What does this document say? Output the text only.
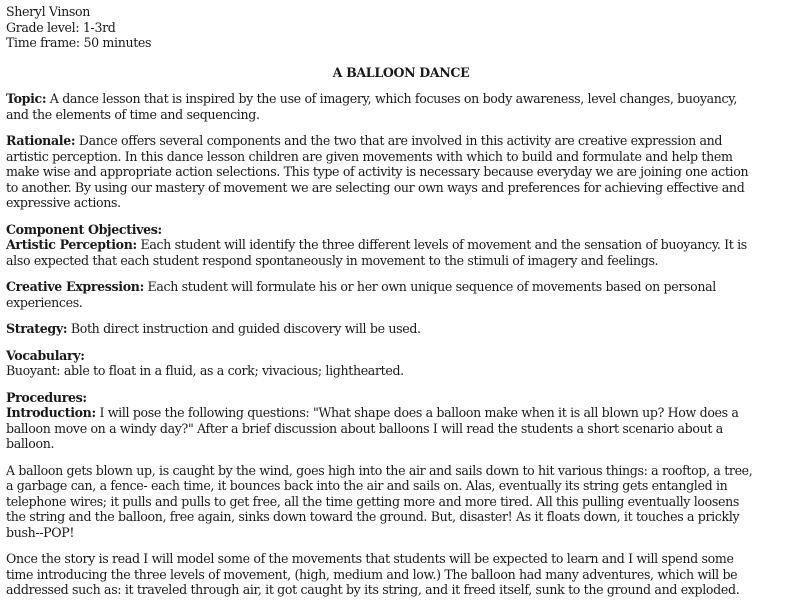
Sheryl Vinson
Grade level: 1-3rd
Time frame: 50 minutes
A BALLOON DANCE
Topic: A dance lesson that is inspired by the use of imagery, which focuses on body awareness, level changes, buoyancy,
and the elements of time and sequencing.
Rationale: Dance offers several components and the two that are involved in this activity are creative expression and
artistic perception. In this dance lesson children are given movements with which to build and formulate and help them
make wise and appropriate action selections. This type of activity is necessary because everyday we are joining one action
to another. By using our mastery of movement we are selecting our own ways and preferences for achieving effective and
expressive actions.
Component Objectives:
Artistic Perception: Each student will identify the three different levels of movement and the sensation of buoyancy. It is
also expected that each student respond spontaneously in movement to the stimuli of imagery and feelings.
Creative Expression: Each student will formulate his or her own unique sequence of movements based on personal
experiences.
Strategy: Both direct instruction and guided discovery will be used.
Vocabulary:
Buoyant: able to float in a fluid, as a cork; vivacious; lighthearted.
Procedures:
Introduction: I will pose the following questions: "What shape does a balloon make when it is all blown up? How does a
balloon move on a windy day?" After a brief discussion about balloons I will read the students a short scenario about a
balloon.
A balloon gets blown up, is caught by the wind, goes high into the air and sails down to hit various things: a rooftop, a tree,
a garbage can, a fence- each time, it bounces back into the air and sails on. Alas, eventually its string gets entangled in
telephone wires; it pulls and pulls to get free, all the time getting more and more tired. All this pulling eventually loosens
the string and the balloon, free again, sinks down toward the ground. But, disaster! As it floats down, it touches a prickly
bush--POP!
Once the story is read I will model some of the movements that students will be expected to learn and I will spend some
time introducing the three levels of movement, (high, medium and low.) The balloon had many adventures, which will be
addressed such as: it traveled through air, it got caught by its string, and it freed itself, sunk to the ground and exploded.
